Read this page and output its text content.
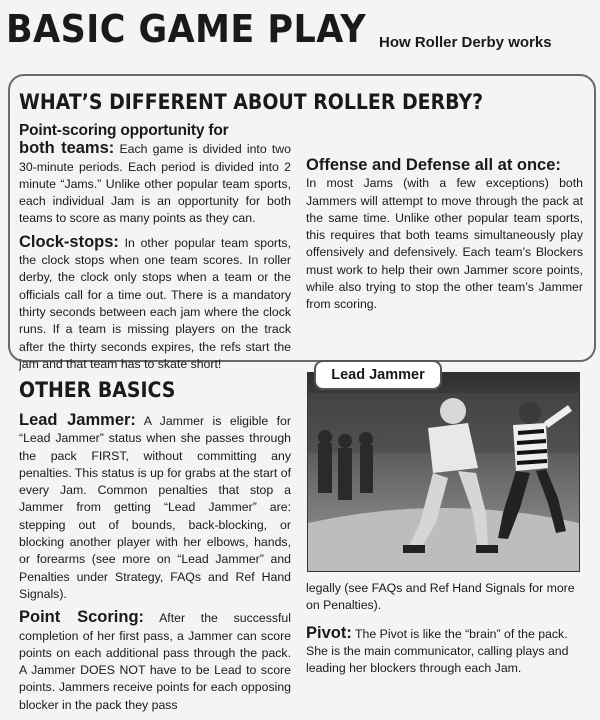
BASIC GAME PLAY How Roller Derby works
WHAT’S DIFFERENT ABOUT ROLLER DERBY?

Point-scoring opportunity for
both teams: Each game is divided into two 30-minute periods. Each period is divided into 2 minute “Jams.” Unlike other popular team sports, each individual Jam is an opportunity for both teams to score as many points as they can.

Clock-stops: In other popular team sports, the clock stops when one team scores. In roller derby, the clock only stops when a team or the officials call for a time out. There is a mandatory thirty seconds between each jam where the clock runs. If a team is missing players on the track after the thirty seconds expires, the refs start the jam and that team has to skate short!

Offense and Defense all at once:
In most Jams (with a few exceptions) both Jammers will attempt to move through the pack at the same time. Unlike other popular team sports, this requires that both teams simultaneously play offensively and defensively. Each team’s Blockers must work to help their own Jammer score points, while also trying to stop the other team’s Jammer from scoring.

OTHER BASICS

Lead Jammer: A Jammer is eligible for “Lead Jammer” status when she passes through the pack FIRST, without committing any penalties. This status is up for grabs at the start of every Jam. Common penalties that stop a Jammer from getting “Lead Jammer” are: stepping out of bounds, back-blocking, or blocking another player with her elbows, hands, or forearms (see more on “Lead Jammer” and Penalties under Strategy, FAQs and Ref Hand Signals).

Point Scoring: After the successful completion of her first pass, a Jammer can score points on each additional pass through the pack. A Jammer DOES NOT have to be Lead to score points. Jammers receive points for each opposing blocker in the pack they pass

Lead Jammer

legally (see FAQs and Ref Hand Signals for more on Penalties).

Pivot: The Pivot is like the “brain” of the pack. She is the main communicator, calling plays and leading her blockers through each Jam.
